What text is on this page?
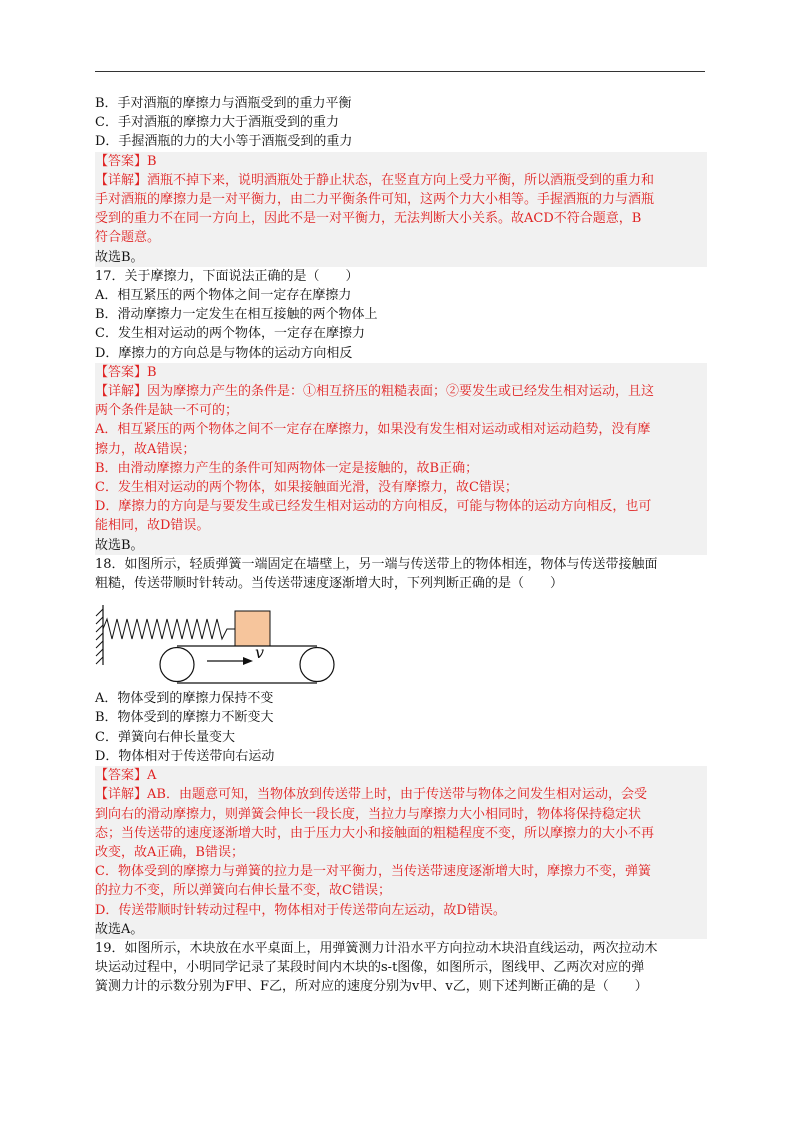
B．手对酒瓶的摩擦力与酒瓶受到的重力平衡
C．手对酒瓶的摩擦力大于酒瓶受到的重力
D．手握酒瓶的力的大小等于酒瓶受到的重力
【答案】B
【详解】酒瓶不掉下来，说明酒瓶处于静止状态，在竖直方向上受力平衡，所以酒瓶受到的重力和
手对酒瓶的摩擦力是一对平衡力，由二力平衡条件可知，这两个力大小相等。手握酒瓶的力与酒瓶
受到的重力不在同一方向上，因此不是一对平衡力，无法判断大小关系。故ACD不符合题意，B
符合题意。
故选B。
17．关于摩擦力，下面说法正确的是（　　）
A．相互紧压的两个物体之间一定存在摩擦力
B．滑动摩擦力一定发生在相互接触的两个物体上
C．发生相对运动的两个物体，一定存在摩擦力
D．摩擦力的方向总是与物体的运动方向相反
【答案】B
【详解】因为摩擦力产生的条件是：①相互挤压的粗糙表面；②要发生或已经发生相对运动，且这
两个条件是缺一不可的；
A．相互紧压的两个物体之间不一定存在摩擦力，如果没有发生相对运动或相对运动趋势，没有摩
擦力，故A错误；
B．由滑动摩擦力产生的条件可知两物体一定是接触的，故B正确；
C．发生相对运动的两个物体，如果接触面光滑，没有摩擦力，故C错误；
D．摩擦力的方向是与要发生或已经发生相对运动的方向相反，可能与物体的运动方向相反，也可
能相同，故D错误。
故选B。
18．如图所示，轻质弹簧一端固定在墙壁上，另一端与传送带上的物体相连，物体与传送带接触面
粗糙，传送带顺时针转动。当传送带速度逐渐增大时，下列判断正确的是（　　）
v
A．物体受到的摩擦力保持不变
B．物体受到的摩擦力不断变大
C．弹簧向右伸长量变大
D．物体相对于传送带向右运动
【答案】A
【详解】AB．由题意可知，当物体放到传送带上时，由于传送带与物体之间发生相对运动，会受
到向右的滑动摩擦力，则弹簧会伸长一段长度，当拉力与摩擦力大小相同时，物体将保持稳定状
态；当传送带的速度逐渐增大时，由于压力大小和接触面的粗糙程度不变，所以摩擦力的大小不再
改变，故A正确，B错误；
C．物体受到的摩擦力与弹簧的拉力是一对平衡力，当传送带速度逐渐增大时，摩擦力不变，弹簧
的拉力不变，所以弹簧向右伸长量不变，故C错误；
D．传送带顺时针转动过程中，物体相对于传送带向左运动，故D错误。
故选A。
19．如图所示，木块放在水平桌面上，用弹簧测力计沿水平方向拉动木块沿直线运动，两次拉动木
块运动过程中，小明同学记录了某段时间内木块的s-t图像，如图所示，图线甲、乙两次对应的弹
簧测力计的示数分别为F甲、F乙，所对应的速度分别为v甲、v乙，则下述判断正确的是（　　）
